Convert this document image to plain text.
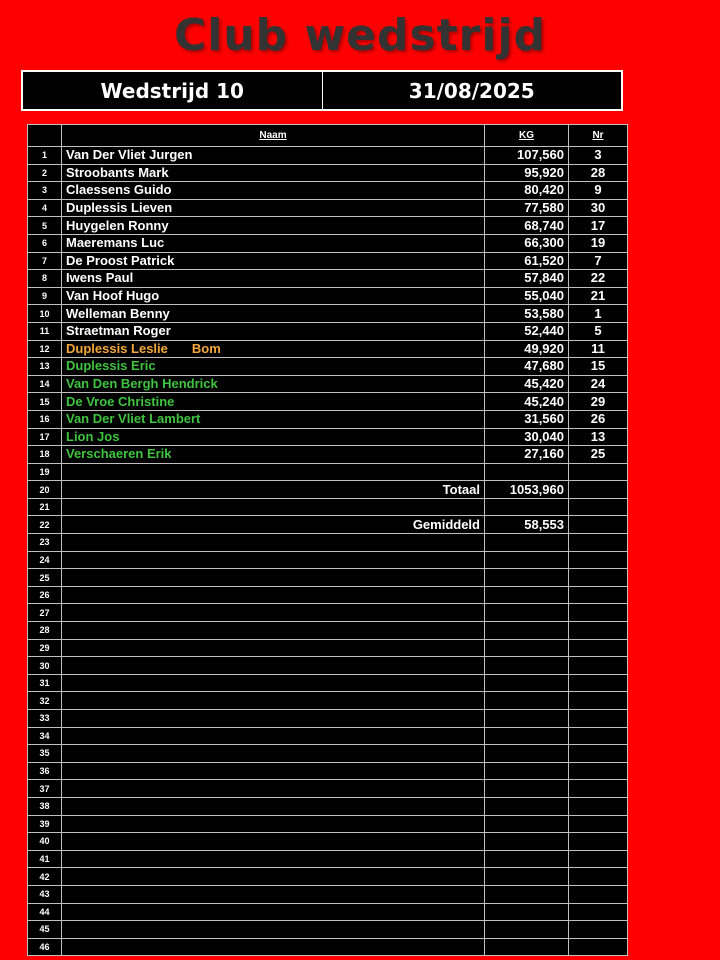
Club wedstrijd
Wedstrijd 10	31/08/2025
	Naam	KG	Nr
1	Van Der Vliet Jurgen	107,560	3
2	Stroobants Mark	95,920	28
3	Claessens Guido	80,420	9
4	Duplessis Lieven	77,580	30
5	Huygelen Ronny	68,740	17
6	Maeremans Luc	66,300	19
7	De Proost Patrick	61,520	7
8	Iwens Paul	57,840	22
9	Van Hoof Hugo	55,040	21
10	Welleman Benny	53,580	1
11	Straetman Roger	52,440	5
12	Duplessis Leslie Bom	49,920	11
13	Duplessis Eric	47,680	15
14	Van Den Bergh Hendrick	45,420	24
15	De Vroe Christine	45,240	29
16	Van Der Vliet Lambert	31,560	26
17	Lion Jos	30,040	13
18	Verschaeren Erik	27,160	25
19			
20	Totaal	1053,960	
21			
22	Gemiddeld	58,553	
23			
24			
25			
26			
27			
28			
29			
30			
31			
32			
33			
34			
35			
36			
37			
38			
39			
40			
41			
42			
43			
44			
45			
46			
